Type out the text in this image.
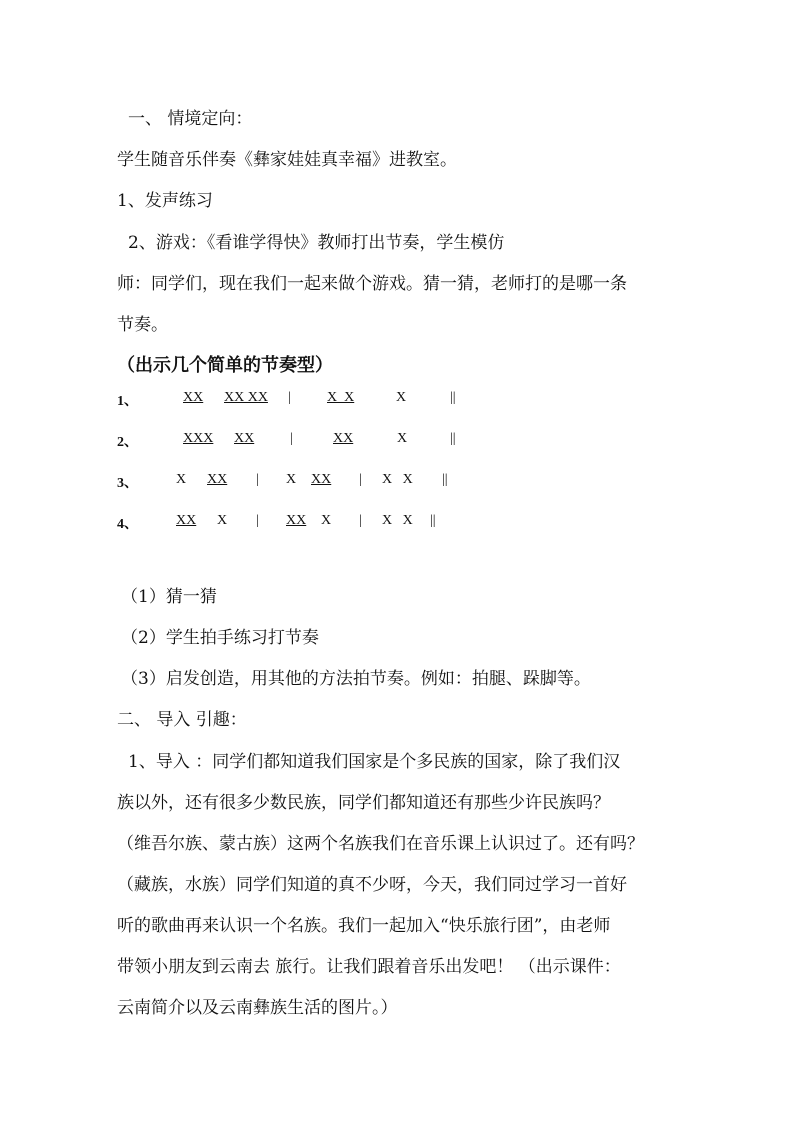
一、 情境定向：
学生随音乐伴奏《彝家娃娃真幸福》进教室。
1、发声练习
2、游戏：《看谁学得快》教师打出节奏，学生模仿
师：同学们，现在我们一起来做个游戏。猜一猜，老师打的是哪一条
节奏。
（出示几个简单的节奏型）
1、	XX XX XX |	X  X	X	||
2、	XXX XX	|	XX	X	||
3、	X XX | X XX | X   X ||
4、	XX X | XX X | X   X ||
（1）猜一猜
（2）学生拍手练习打节奏
（3）启发创造，用其他的方法拍节奏。例如：拍腿、跺脚等。
二、 导入 引趣：
1、导入 ：同学们都知道我们国家是个多民族的国家，除了我们汉
族以外，还有很多少数民族，同学们都知道还有那些少许民族吗？
（维吾尔族、蒙古族）这两个名族我们在音乐课上认识过了。还有吗？
（藏族，水族）同学们知道的真不少呀，今天，我们同过学习一首好
听的歌曲再来认识一个名族。我们一起加入“快乐旅行团”，由老师
带领小朋友到云南去 旅行。让我们跟着音乐出发吧！ （出示课件：
云南简介以及云南彝族生活的图片。）
